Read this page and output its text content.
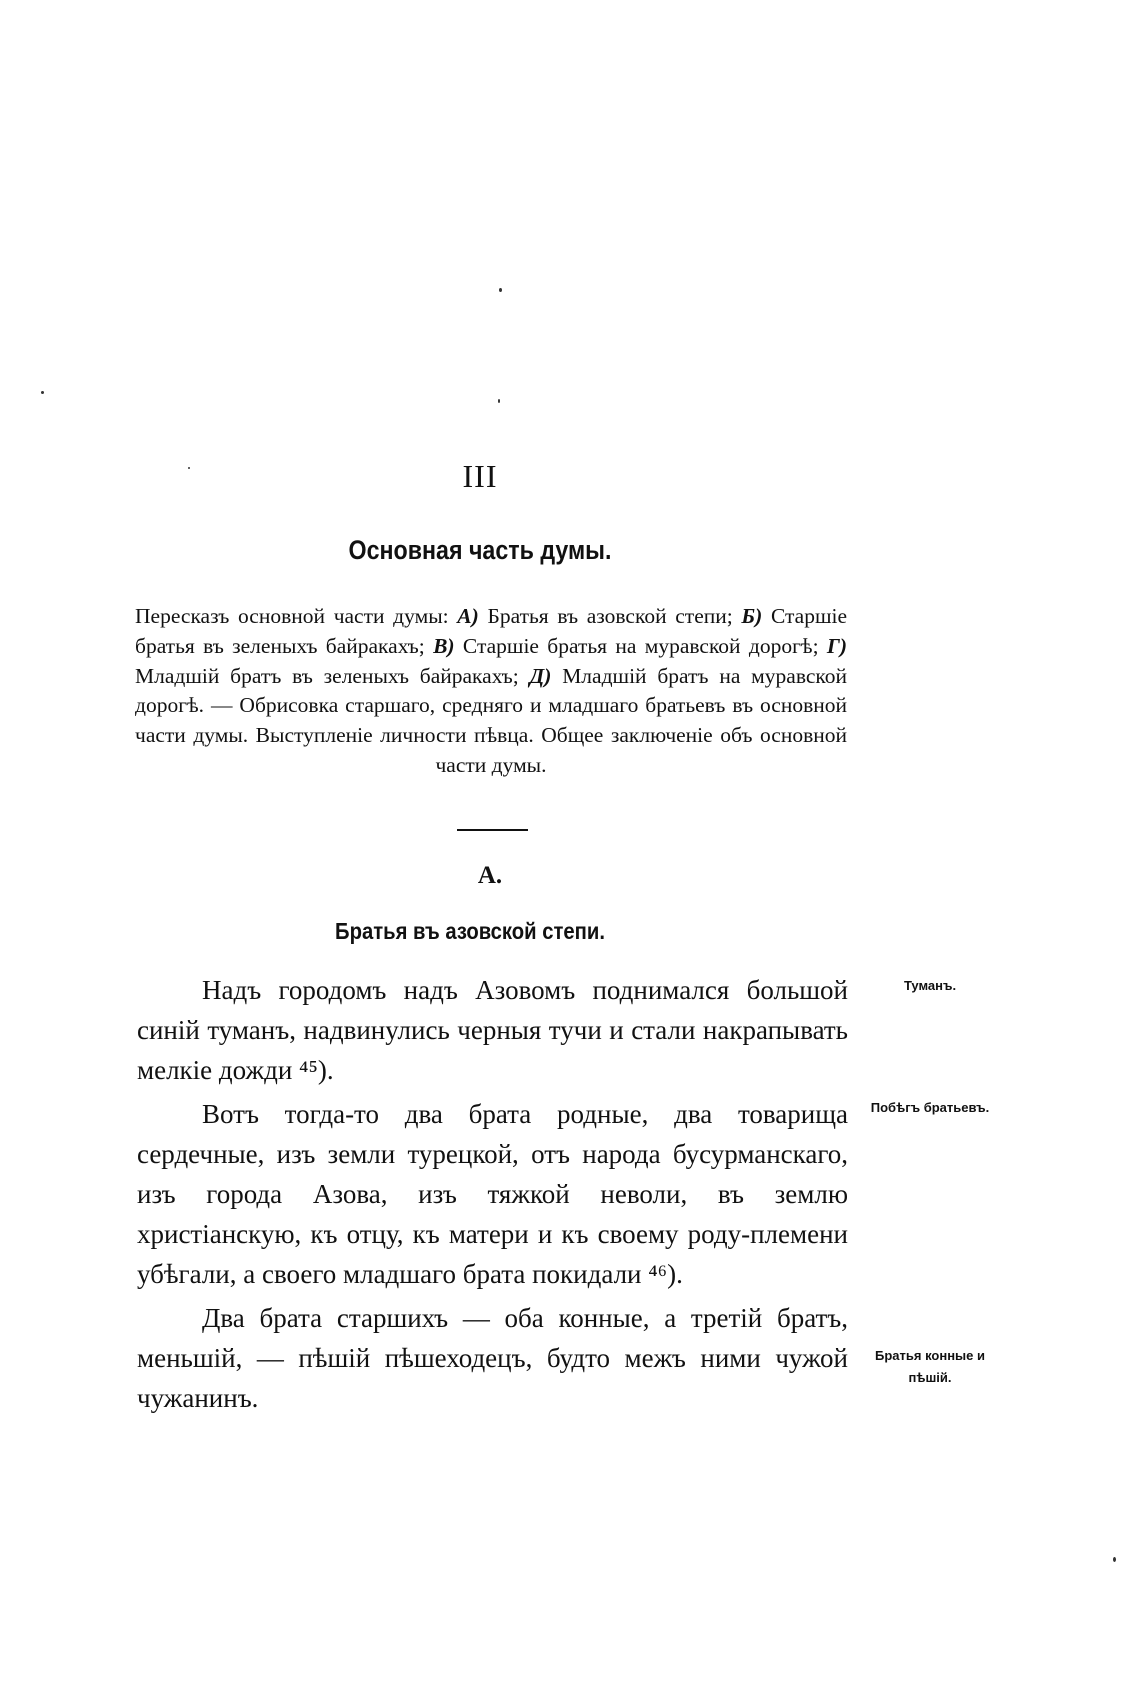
III
Основная часть думы.
Пересказъ основной части думы: А) Братья въ азовской степи; Б) Старшіе братья въ зеленыхъ байракахъ; В) Старшіе братья на муравской дорогѣ; Г) Младшій братъ въ зеленыхъ байракахъ; Д) Младшій братъ на муравской дорогѣ. — Обрисовка старшаго, средняго и младшаго братьевъ въ основной части думы. Выступленіе личности пѣвца. Общее заключеніе объ основной части думы.
А.
Братья въ азовской степи.

Надъ городомъ надъ Азовомъ поднимался большой синій туманъ, надвинулись черныя тучи и стали накрапывать мелкіе дожди ⁴⁵).

Вотъ тогда-то два брата родные, два товарища сердечные, изъ земли турецкой, отъ народа бусурманскаго, изъ города Азова, изъ тяжкой неволи, въ землю христіанскую, къ отцу, къ матери и къ своему роду-племени убѣгали, а своего младшаго брата покидали ⁴⁶).

Два брата старшихъ — оба конные, а третій братъ, меньшій, — пѣшій пѣшеходецъ, будто межъ ними чужой чужанинъ.

Туманъ.
Побѣгъ братьевъ.
Братья конные и пѣшій.
